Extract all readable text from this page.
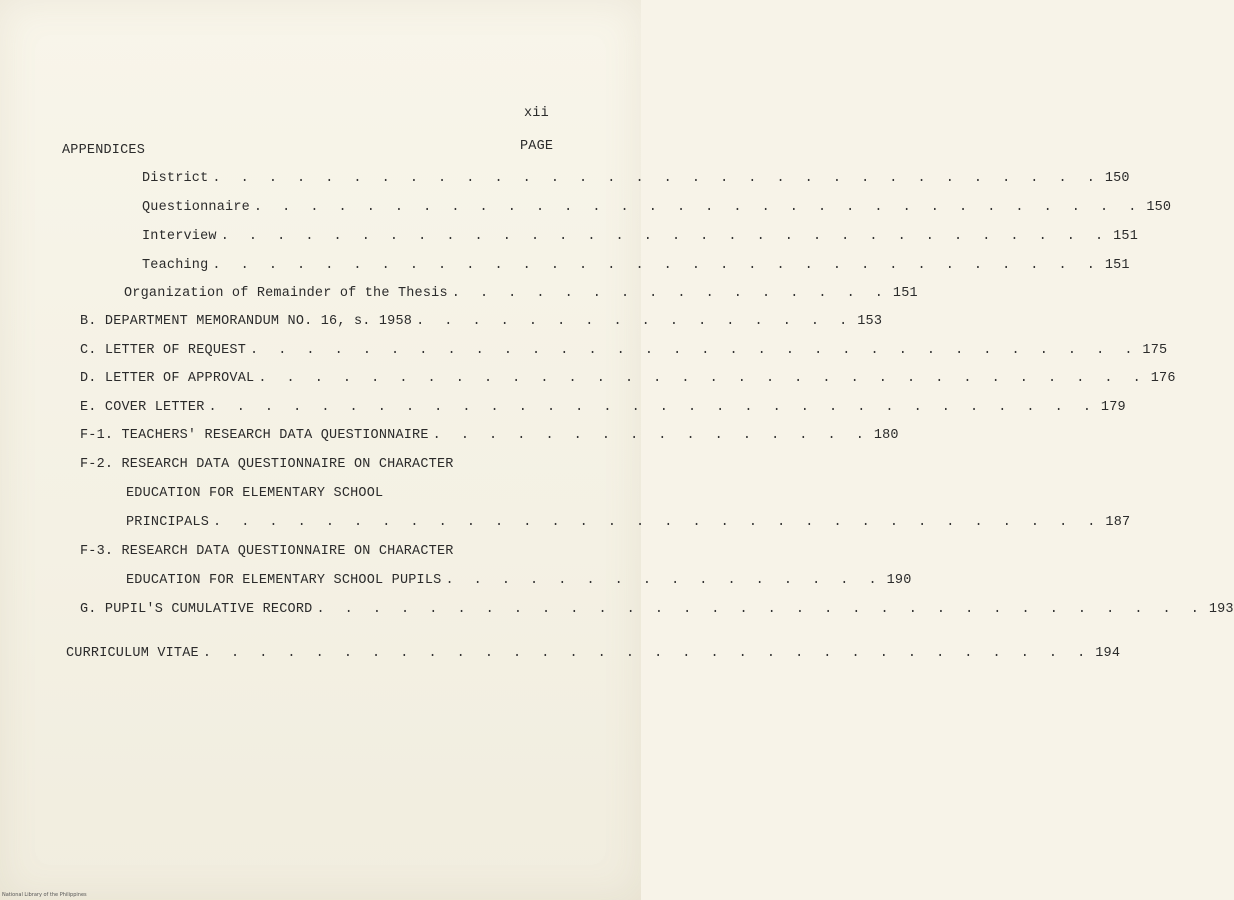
xii
APPENDICES	PAGE
District . . . . . . . . . . . . . . . . . . . . . . . . . . . . . . . . 150
Questionnaire . . . . . . . . . . . . . . . . . . . . . . . . . . . . . . . . 150
Interview . . . . . . . . . . . . . . . . . . . . . . . . . . . . . . . . 151
Teaching . . . . . . . . . . . . . . . . . . . . . . . . . . . . . . . . 151
Organization of Remainder of the Thesis . . . . . . . . . . . . . . . . 151
B. DEPARTMENT MEMORANDUM NO. 16, s. 1958 . . . . . . . . . . . . . . . . 153
C. LETTER OF REQUEST . . . . . . . . . . . . . . . . . . . . . . . . . . . . . . . . 175
D. LETTER OF APPROVAL . . . . . . . . . . . . . . . . . . . . . . . . . . . . . . . . 176
E. COVER LETTER . . . . . . . . . . . . . . . . . . . . . . . . . . . . . . . . 179
F-1. TEACHERS' RESEARCH DATA QUESTIONNAIRE . . . . . . . . . . . . . . . . 180
F-2. RESEARCH DATA QUESTIONNAIRE ON CHARACTER
EDUCATION FOR ELEMENTARY SCHOOL
PRINCIPALS . . . . . . . . . . . . . . . . . . . . . . . . . . . . . . . . 187
F-3. RESEARCH DATA QUESTIONNAIRE ON CHARACTER
EDUCATION FOR ELEMENTARY SCHOOL PUPILS . . . . . . . . . . . . . . . . 190
G. PUPIL'S CUMULATIVE RECORD . . . . . . . . . . . . . . . . . . . . . . . . . . . . . . . . 193
CURRICULUM VITAE . . . . . . . . . . . . . . . . . . . . . . . . . . . . . . . . 194
National Library of the Philippines
